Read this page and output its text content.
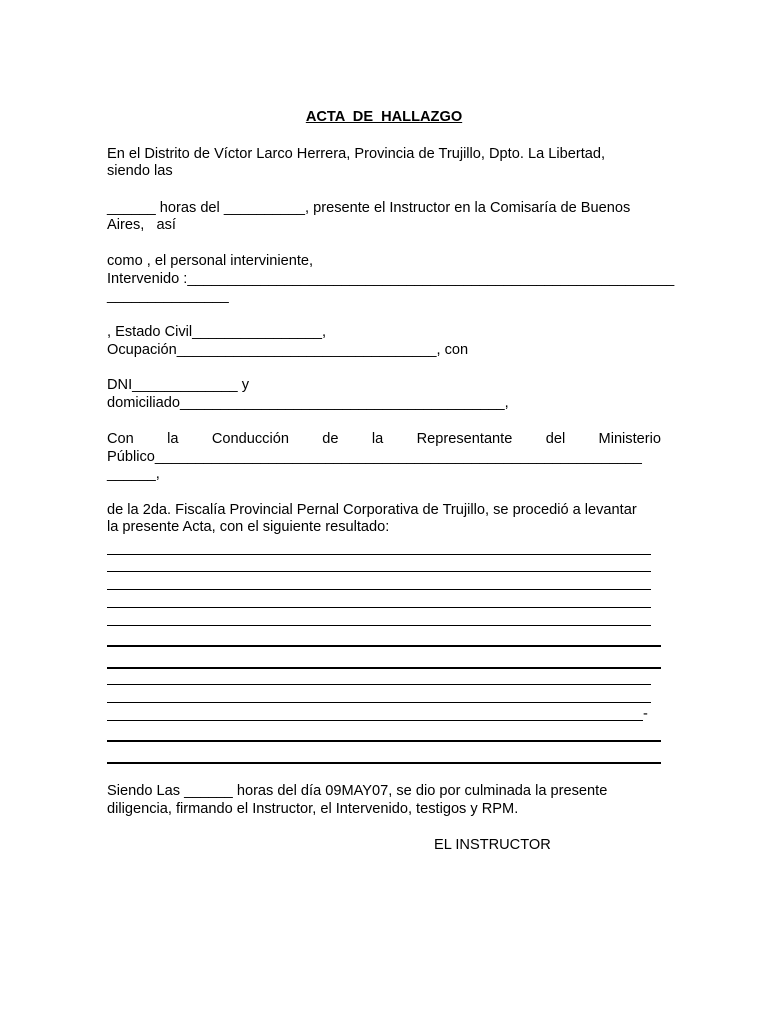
ACTA DE HALLAZGO
En el Distrito de Víctor Larco Herrera, Provincia de Trujillo, Dpto. La Libertad,
siendo las
______ horas del __________, presente el Instructor en la Comisaría de Buenos
Aires,   así
como , el personal interviniente,
Intervenido :____________________________________________________________
_______________
, Estado Civil________________,
Ocupación________________________________, con
DNI_____________ y
domiciliado________________________________________,
Con la Conducción de la Representante del Ministerio
Público____________________________________________________________
______,
de la 2da. Fiscalía Provincial Pernal Corporativa de Trujillo, se procedió a levantar
la presente Acta, con el siguiente resultado:
-
Siendo Las ______ horas del día 09MAY07, se dio por culminada la presente
diligencia, firmando el Instructor, el Intervenido, testigos y RPM.
EL INSTRUCTOR
